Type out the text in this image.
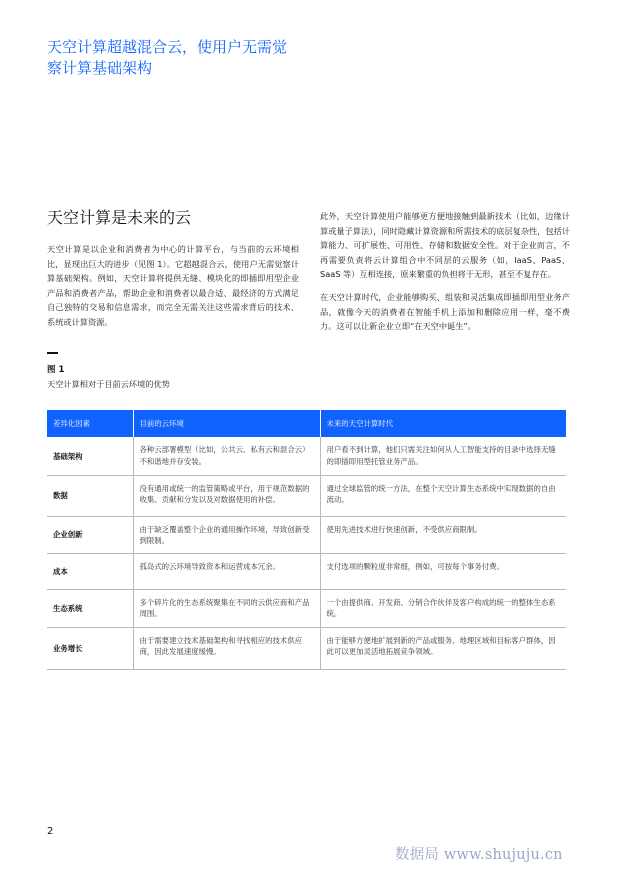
天空计算超越混合云，使用户无需觉察计算基础架构
天空计算是未来的云

天空计算是以企业和消费者为中心的计算平台，与当前的云环境相比，显现出巨大的进步（见图 1）。它超越混合云，使用户无需觉察计算基础架构。例如，天空计算将提供无缝、模块化的即插即用型企业产品和消费者产品，帮助企业和消费者以最合适、最经济的方式满足自己独特的交易和信息需求，而完全无需关注这些需求背后的技术、系统或计算资源。

此外，天空计算使用户能够更方便地接触到最新技术（比如，边缘计算或量子算法），同时隐藏计算资源和所需技术的底层复杂性，包括计算能力、可扩展性、可用性、存储和数据安全性。对于企业而言，不再需要负责将云计算组合中不同层的云服务（如，IaaS、PaaS、SaaS 等）互相连接，原来繁重的负担将于无形，甚至不复存在。

在天空计算时代，企业能够购买、组装和灵活集成即插即用型业务产品，就像今天的消费者在智能手机上添加和删除应用一样，毫不费力。这可以让新企业立即“在天空中诞生”。

图 1
天空计算相对于目前云环境的优势
差异化因素	目前的云环境	未来的天空计算时代
基础架构	各种云部署模型（比如，公共云、私有云和混合云）不和谐地并存安装。	用户看不到计算，他们只需关注如何从人工智能支持的目录中选择无缝的即插即用型托管业务产品。
数据	没有通用或统一的监管策略或平台，用于规范数据的收集、贡献和分发以及对数据使用的补偿。	通过全球监管的统一方法，在整个天空计算生态系统中实现数据的自由流动。
企业创新	由于缺乏覆盖整个企业的通用操作环境，导致创新受到限制。	使用先进技术进行快速创新，不受供应商限制。
成本	孤岛式的云环境导致资本和运营成本冗余。	支付选项的颗粒度非常细，例如，可按每个事务付费。
生态系统	多个碎片化的生态系统聚集在不同的云供应商和产品周围。	一个由提供商、开发商、分销合作伙伴及客户构成的统一的整体生态系统。
业务增长	由于需要建立技术基础架构和寻找相应的技术供应商，因此发展速度缓慢。	由于能够方便地扩展到新的产品或服务、地理区域和目标客户群体，因此可以更加灵活地拓展竞争领域。
2
数据局 www.shujuju.cn
